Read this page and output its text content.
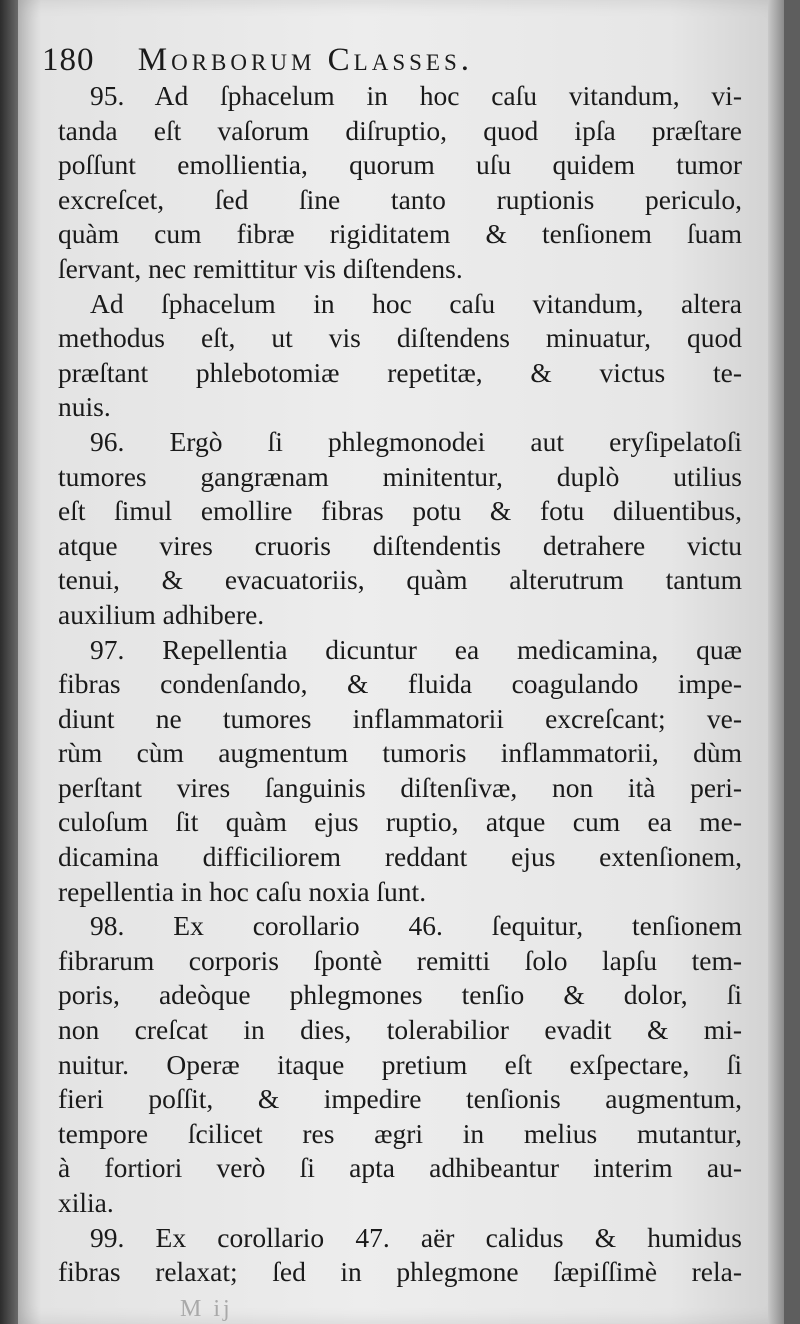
180 Morborum Classes.
95. Ad ſphacelum in hoc caſu vitandum, vi-
tanda eſt vaſorum diſruptio, quod ipſa præſtare
poſſunt emollientia, quorum uſu quidem tumor
excreſcet, ſed ſine tanto ruptionis periculo,
quàm cum fibræ rigiditatem & tenſionem ſuam
ſervant, nec remittitur vis diſtendens.
Ad ſphacelum in hoc caſu vitandum, altera
methodus eſt, ut vis diſtendens minuatur, quod
præſtant phlebotomiæ repetitæ, & victus te-
nuis.
96. Ergò ſi phlegmonodei aut eryſipelatoſi
tumores gangrænam minitentur, duplò utilius
eſt ſimul emollire fibras potu & fotu diluentibus,
atque vires cruoris diſtendentis detrahere victu
tenui, & evacuatoriis, quàm alterutrum tantum
auxilium adhibere.
97. Repellentia dicuntur ea medicamina, quæ
fibras condenſando, & fluida coagulando impe-
diunt ne tumores inflammatorii excreſcant; ve-
rùm cùm augmentum tumoris inflammatorii, dùm
perſtant vires ſanguinis diſtenſivæ, non ità peri-
culoſum ſit quàm ejus ruptio, atque cum ea me-
dicamina difficiliorem reddant ejus extenſionem,
repellentia in hoc caſu noxia ſunt.
98. Ex corollario 46. ſequitur, tenſionem
fibrarum corporis ſpontè remitti ſolo lapſu tem-
poris, adeòque phlegmones tenſio & dolor, ſi
non creſcat in dies, tolerabilior evadit & mi-
nuitur. Operæ itaque pretium eſt exſpectare, ſi
fieri poſſit, & impedire tenſionis augmentum,
tempore ſcilicet res ægri in melius mutantur,
à fortiori verò ſi apta adhibeantur interim au-
xilia.
99. Ex corollario 47. aër calidus & humidus
fibras relaxat; ſed in phlegmone ſæpiſſimè rela-
M ij
